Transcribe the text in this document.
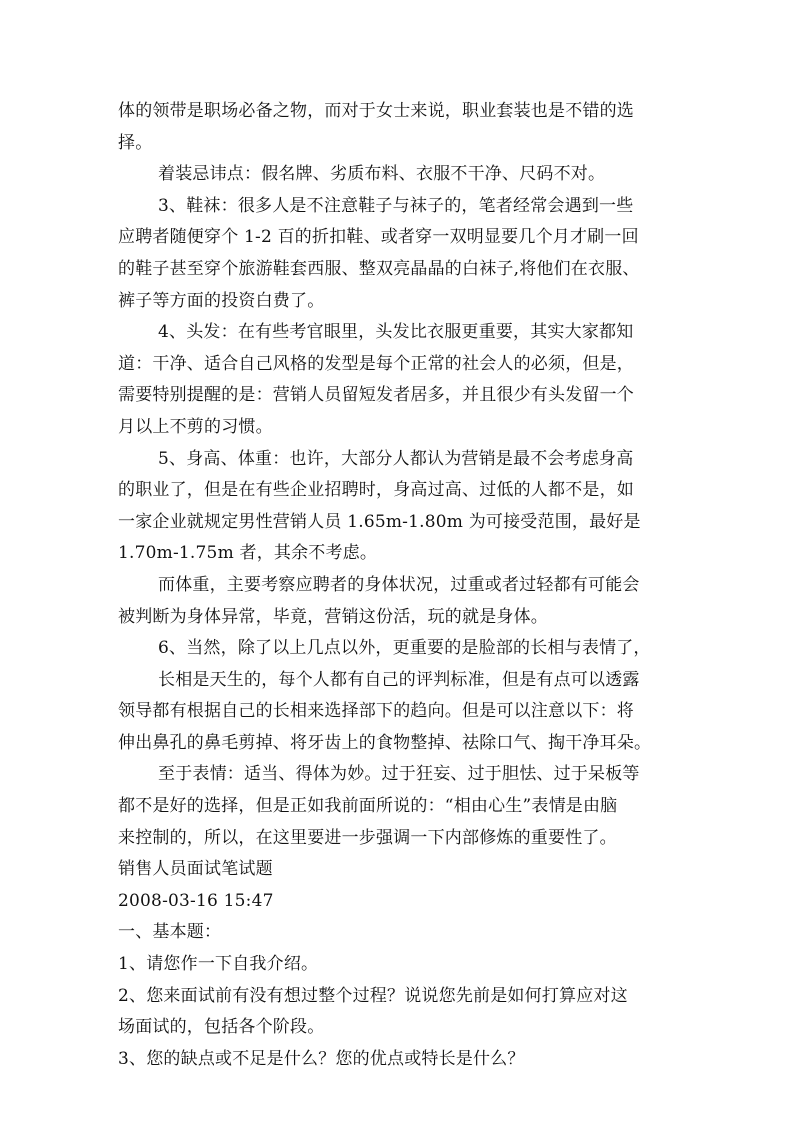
体的领带是职场必备之物，而对于女士来说，职业套装也是不错的选
择。
着装忌讳点：假名牌、劣质布料、衣服不干净、尺码不对。
3、鞋袜：很多人是不注意鞋子与袜子的，笔者经常会遇到一些
应聘者随便穿个 1-2 百的折扣鞋、或者穿一双明显要几个月才刷一回
的鞋子甚至穿个旅游鞋套西服、整双亮晶晶的白袜子,将他们在衣服、
裤子等方面的投资白费了。
4、头发：在有些考官眼里，头发比衣服更重要，其实大家都知
道：干净、适合自己风格的发型是每个正常的社会人的必须，但是，
需要特别提醒的是：营销人员留短发者居多，并且很少有头发留一个
月以上不剪的习惯。
5、身高、体重：也许，大部分人都认为营销是最不会考虑身高
的职业了，但是在有些企业招聘时，身高过高、过低的人都不是，如
一家企业就规定男性营销人员 1.65m-1.80m 为可接受范围，最好是
1.70m-1.75m 者，其余不考虑。
而体重，主要考察应聘者的身体状况，过重或者过轻都有可能会
被判断为身体异常，毕竟，营销这份活，玩的就是身体。
6、当然，除了以上几点以外，更重要的是脸部的长相与表情了，
长相是天生的，每个人都有自己的评判标准，但是有点可以透露
领导都有根据自己的长相来选择部下的趋向。但是可以注意以下：将
伸出鼻孔的鼻毛剪掉、将牙齿上的食物整掉、祛除口气、掏干净耳朵。
至于表情：适当、得体为妙。过于狂妄、过于胆怯、过于呆板等
都不是好的选择，但是正如我前面所说的：“相由心生”表情是由脑
来控制的，所以，在这里要进一步强调一下内部修炼的重要性了。
销售人员面试笔试题
2008-03-16 15:47
一、基本题：
1、请您作一下自我介绍。
2、您来面试前有没有想过整个过程？说说您先前是如何打算应对这
场面试的，包括各个阶段。
3、您的缺点或不足是什么？您的优点或特长是什么？
